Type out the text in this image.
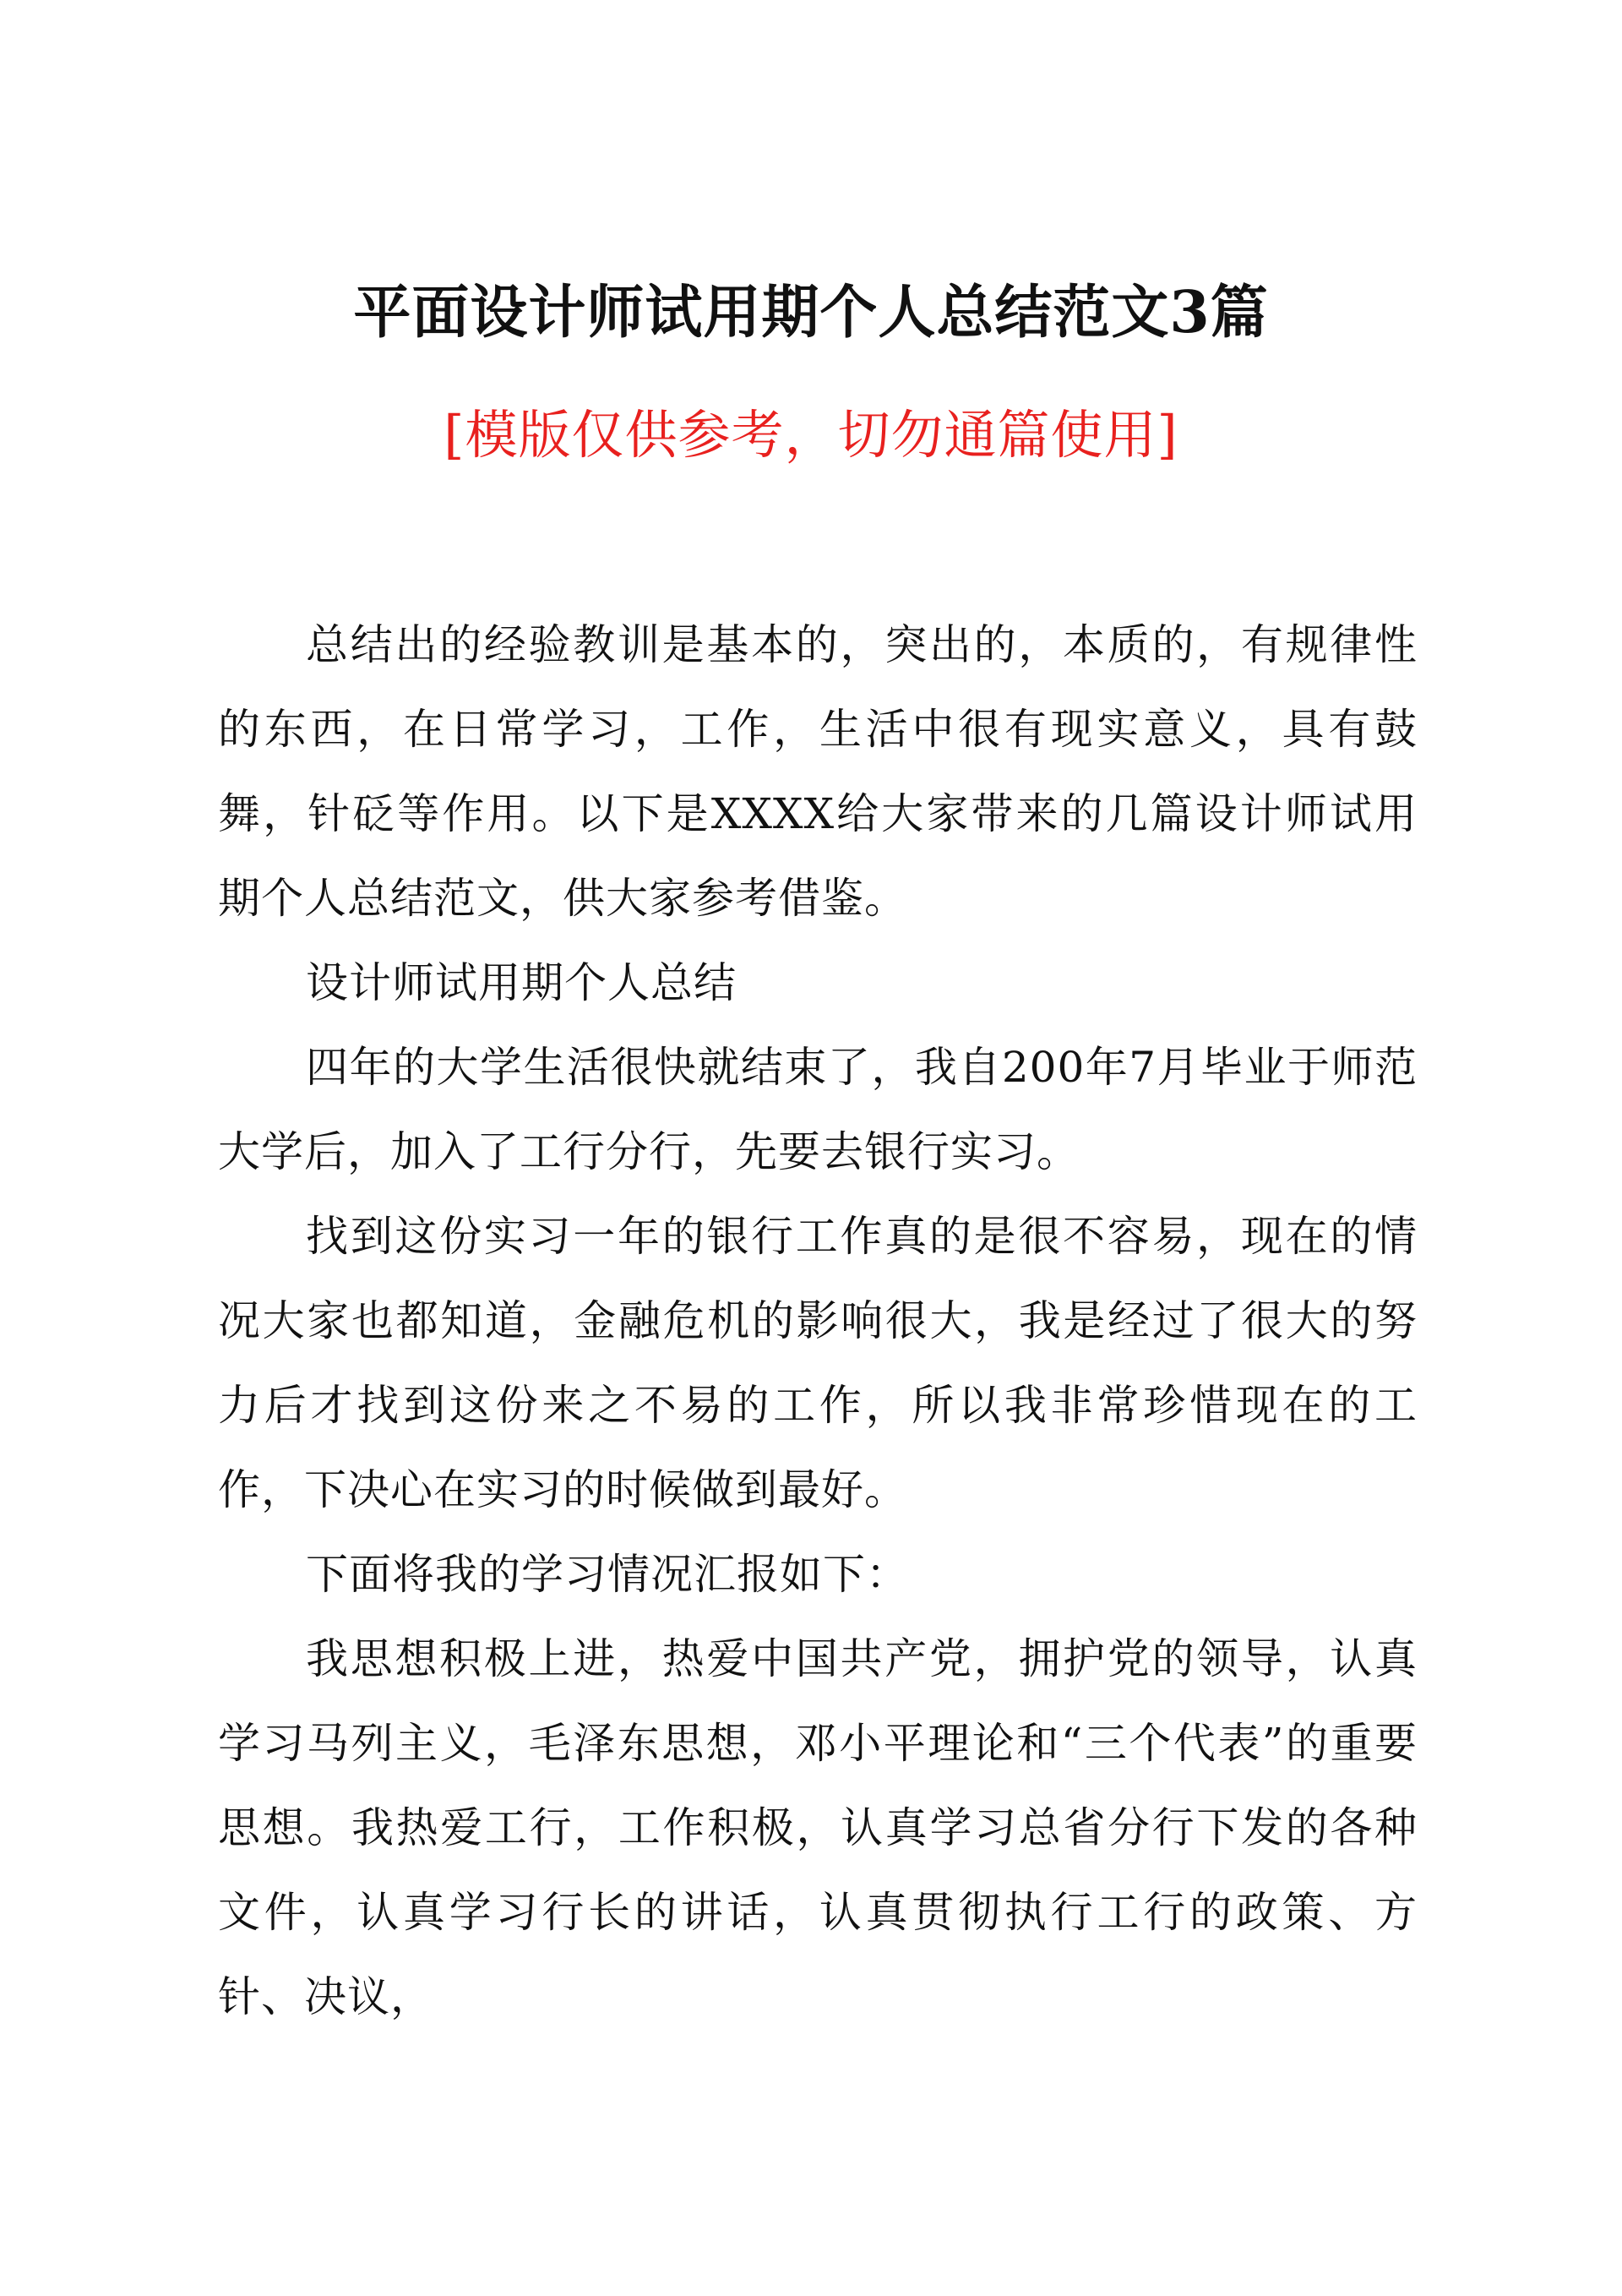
平面设计师试用期个人总结范文3篇
[模版仅供参考，切勿通篇使用]

总结出的经验教训是基本的，突出的，本质的，有规律性的东西，在日常学习，工作，生活中很有现实意义，具有鼓舞，针砭等作用。以下是XXXX给大家带来的几篇设计师试用期个人总结范文，供大家参考借鉴。

设计师试用期个人总结

四年的大学生活很快就结束了，我自200年7月毕业于师范大学后，加入了工行分行，先要去银行实习。

找到这份实习一年的银行工作真的是很不容易，现在的情况大家也都知道，金融危机的影响很大，我是经过了很大的努力后才找到这份来之不易的工作，所以我非常珍惜现在的工作，下决心在实习的时候做到最好。

下面将我的学习情况汇报如下：

我思想积极上进，热爱中国共产党，拥护党的领导，认真学习马列主义，毛泽东思想，邓小平理论和“三个代表”的重要思想。我热爱工行，工作积极，认真学习总省分行下发的各种文件，认真学习行长的讲话，认真贯彻执行工行的政策、方针、决议，
